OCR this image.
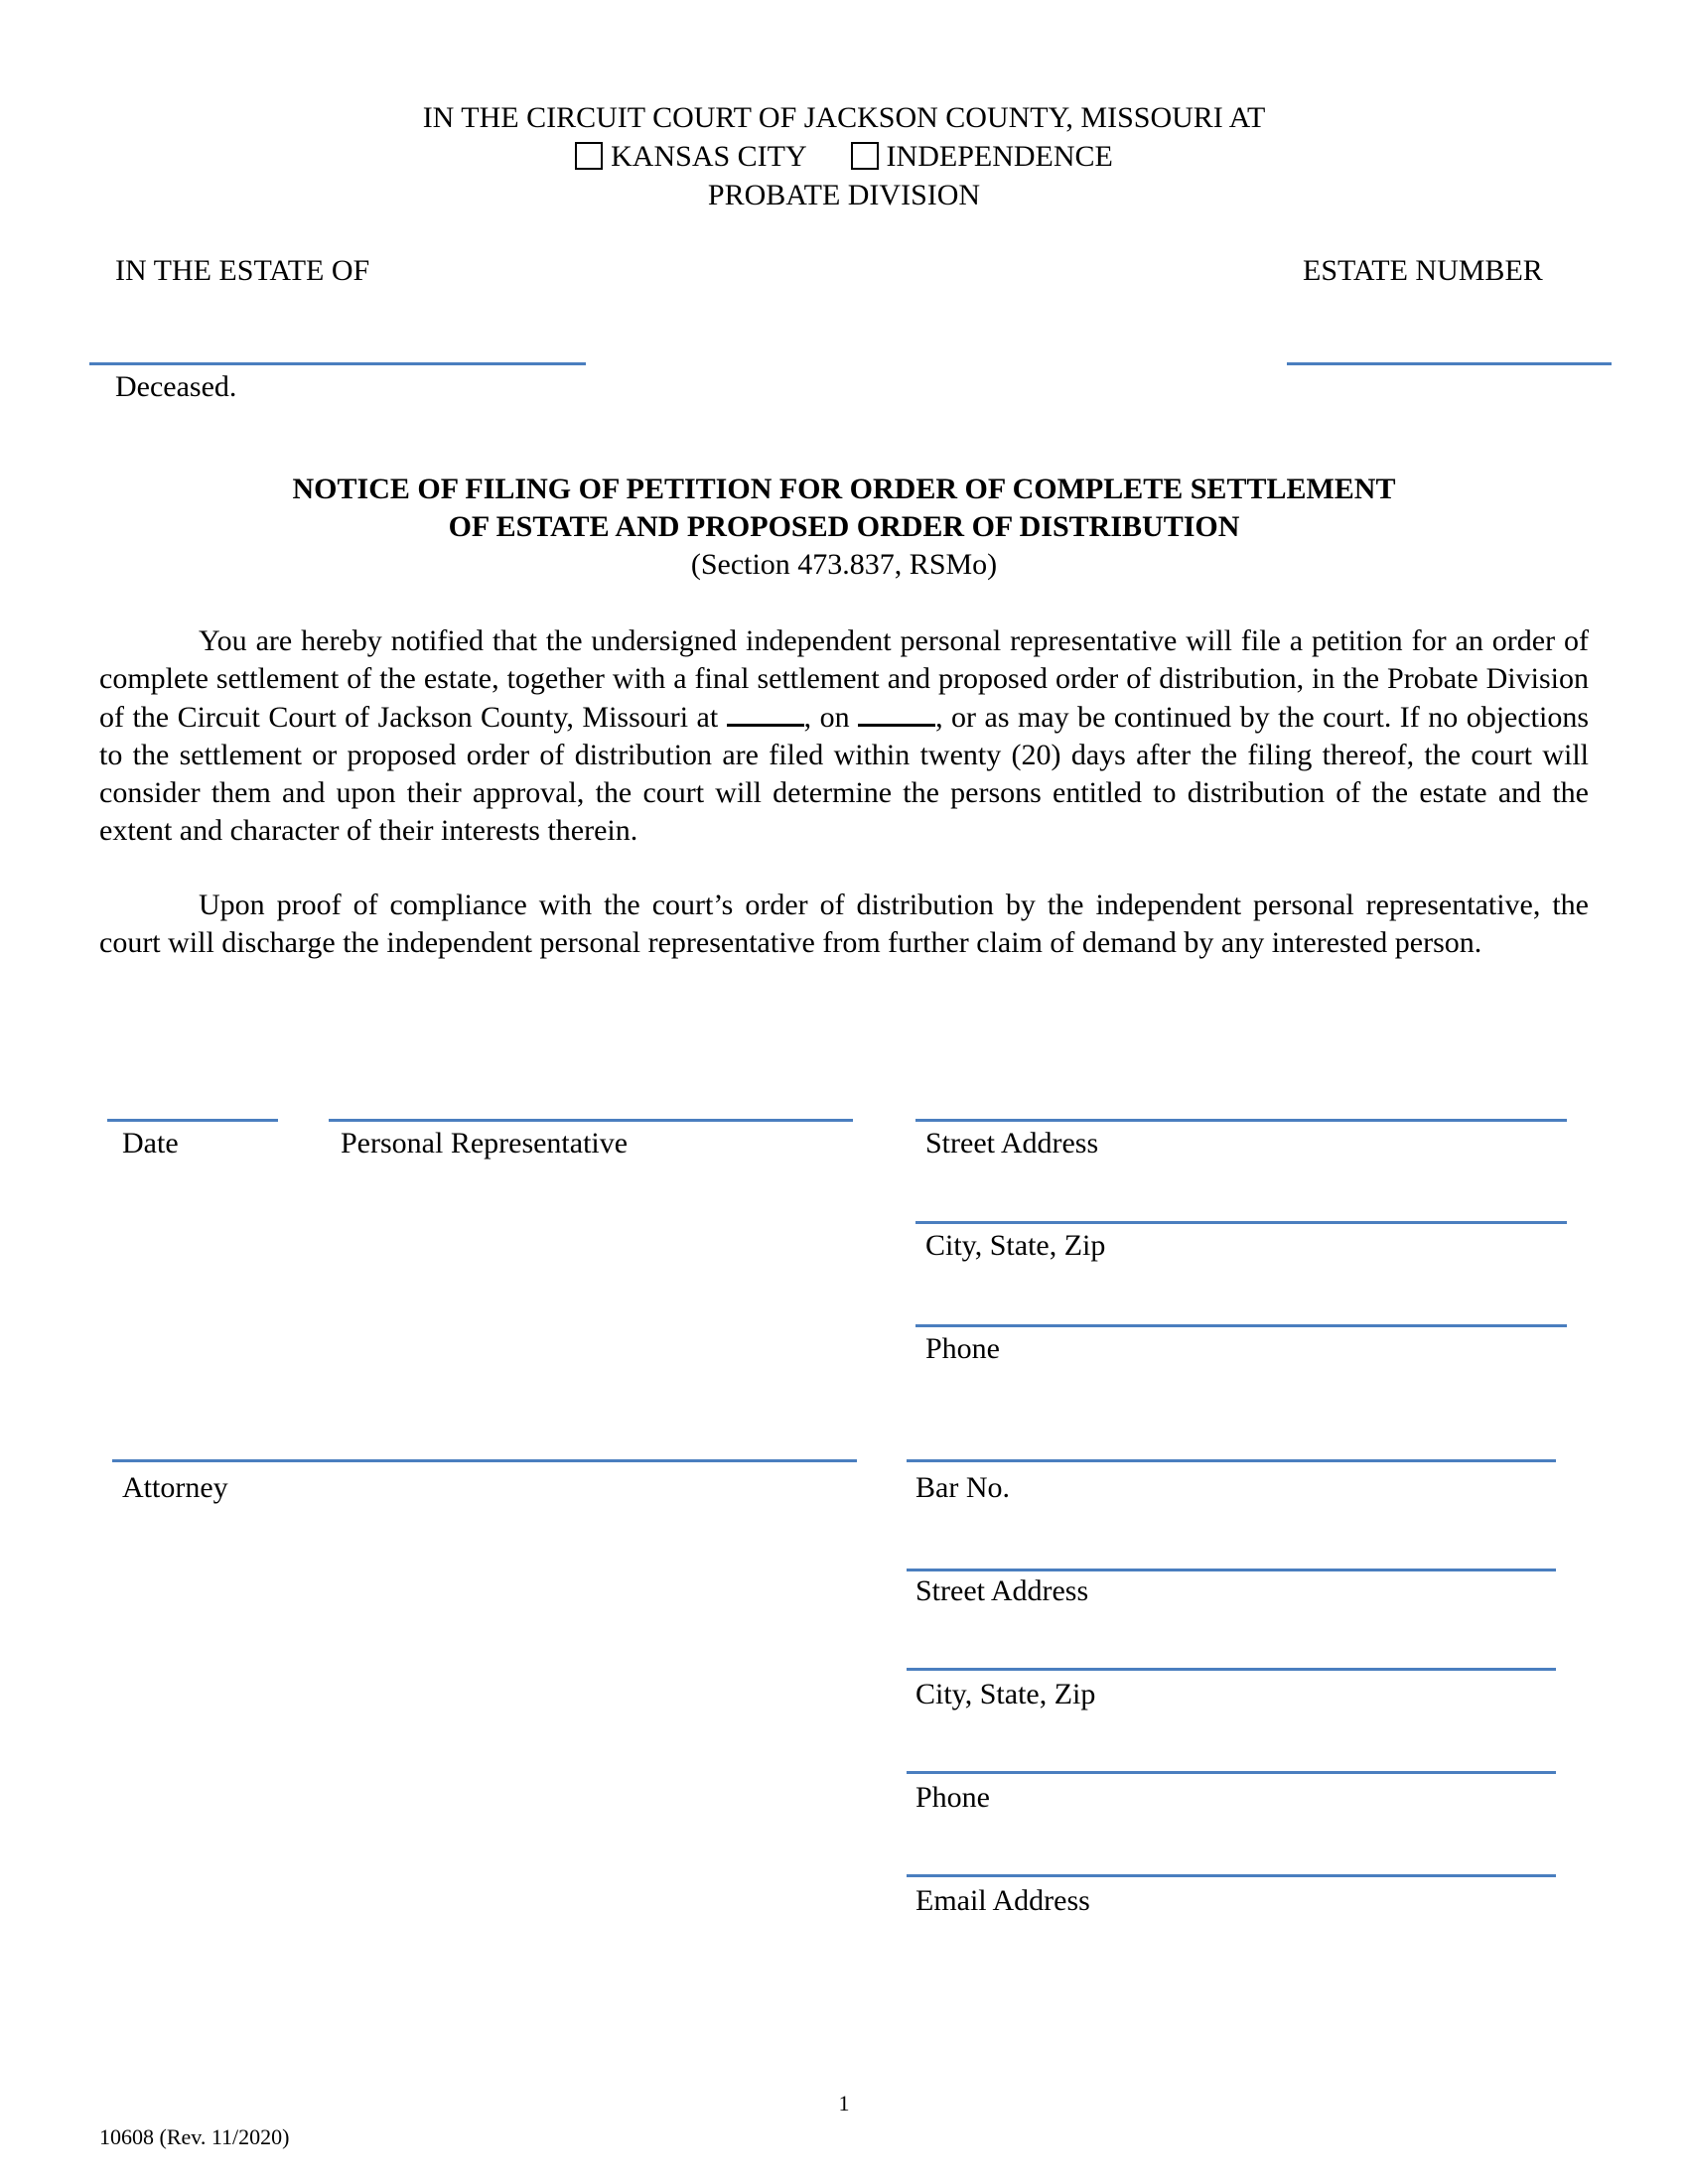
IN THE CIRCUIT COURT OF JACKSON COUNTY, MISSOURI AT
KANSAS CITY	INDEPENDENCE
PROBATE DIVISION
IN THE ESTATE OF	ESTATE NUMBER
Deceased.
NOTICE OF FILING OF PETITION FOR ORDER OF COMPLETE SETTLEMENT
OF ESTATE AND PROPOSED ORDER OF DISTRIBUTION
(Section 473.837, RSMo)
You are hereby notified that the undersigned independent personal representative will file a petition for an order of complete settlement of the estate, together with a final settlement and proposed order of distribution, in the Probate Division of the Circuit Court of Jackson County, Missouri at	, on	, or as may be continued by the court. If no objections to the settlement or proposed order of distribution are filed within twenty (20) days after the filing thereof, the court will consider them and upon their approval, the court will determine the persons entitled to distribution of the estate and the extent and character of their interests therein.
Upon proof of compliance with the court’s order of distribution by the independent personal representative, the court will discharge the independent personal representative from further claim of demand by any interested person.
Date	Personal Representative	Street Address
City, State, Zip
Phone
Attorney	Bar No.
Street Address
City, State, Zip
Phone
Email Address
1
10608 (Rev. 11/2020)
